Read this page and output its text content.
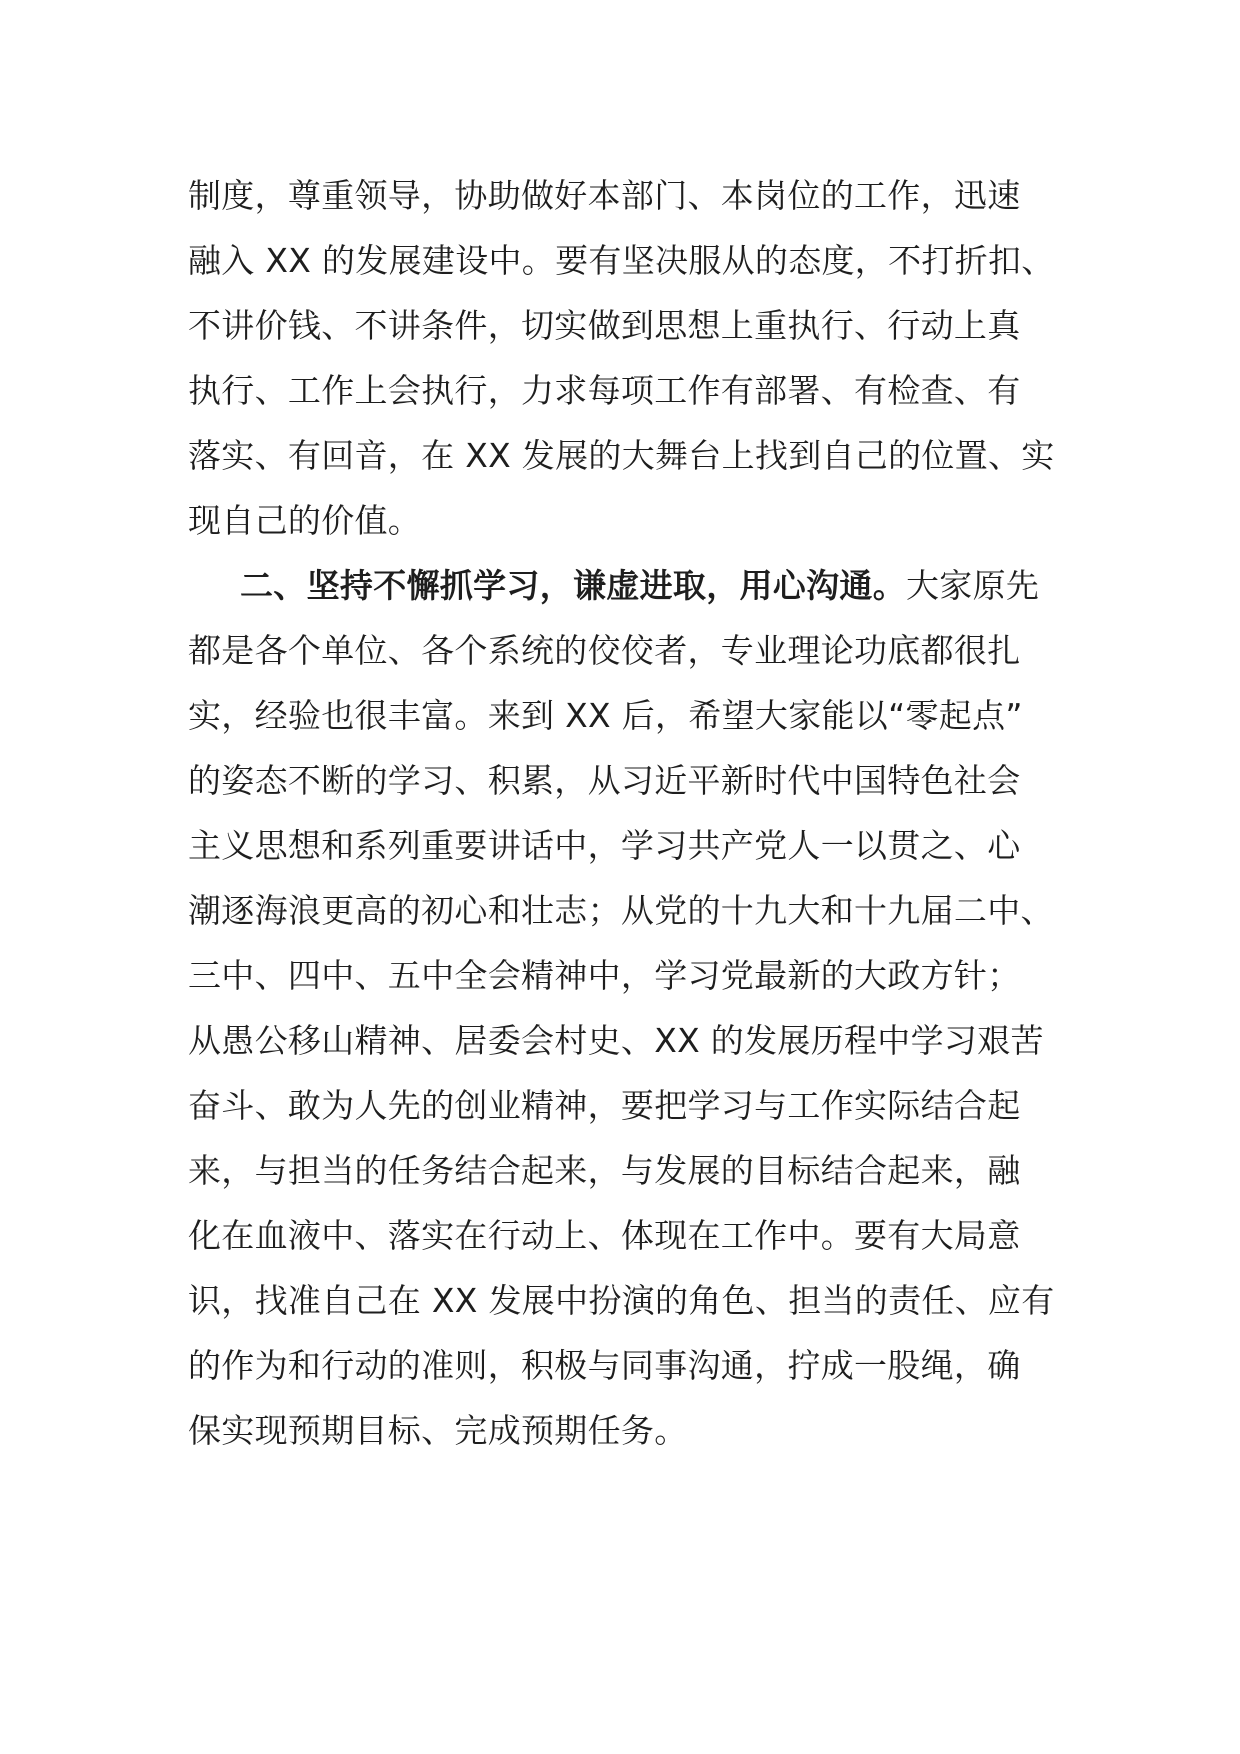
制度，尊重领导，协助做好本部门、本岗位的工作，迅速
融入 XX 的发展建设中。要有坚决服从的态度，不打折扣、
不讲价钱、不讲条件，切实做到思想上重执行、行动上真
执行、工作上会执行，力求每项工作有部署、有检查、有
落实、有回音，在 XX 发展的大舞台上找到自己的位置、实
现自己的价值。
二、坚持不懈抓学习，谦虚进取，用心沟通。大家原先
都是各个单位、各个系统的佼佼者，专业理论功底都很扎
实，经验也很丰富。来到 XX 后，希望大家能以“零起点”
的姿态不断的学习、积累，从习近平新时代中国特色社会
主义思想和系列重要讲话中，学习共产党人一以贯之、心
潮逐海浪更高的初心和壮志；从党的十九大和十九届二中、
三中、四中、五中全会精神中，学习党最新的大政方针；
从愚公移山精神、居委会村史、XX 的发展历程中学习艰苦
奋斗、敢为人先的创业精神，要把学习与工作实际结合起
来，与担当的任务结合起来，与发展的目标结合起来，融
化在血液中、落实在行动上、体现在工作中。要有大局意
识，找准自己在 XX 发展中扮演的角色、担当的责任、应有
的作为和行动的准则，积极与同事沟通，拧成一股绳，确
保实现预期目标、完成预期任务。
